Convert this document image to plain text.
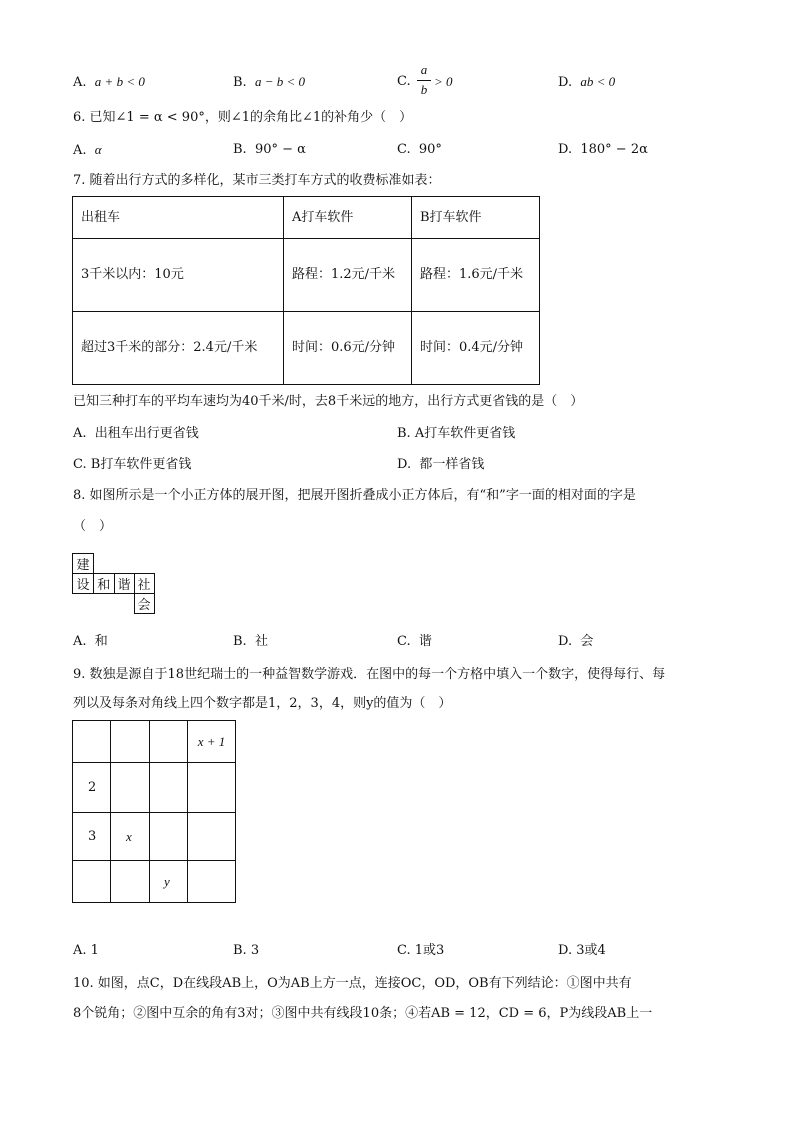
A. a + b < 0	B. a − b < 0	C.
a
b
> 0	D. ab < 0
6. 已知∠1 = α < 90°，则∠1的余角比∠1的补角少（　）
A. α	B. 90° − α	C. 90°	D. 180° − 2α
7. 随着出行方式的多样化，某市三类打车方式的收费标准如表：
出租车	A打车软件	B打车软件
3千米以内：10元	路程：1.2元/千米	路程：1.6元/千米
超过3千米的部分：2.4元/千米	时间：0.6元/分钟	时间：0.4元/分钟
已知三种打车的平均车速均为40千米/时，去8千米远的地方，出行方式更省钱的是（　）
A. 出租车出行更省钱	B. A打车软件更省钱
C. B打车软件更省钱	D. 都一样省钱
8. 如图所示是一个小正方体的展开图，把展开图折叠成小正方体后，有“和”字一面的相对面的字是
（　）
建			
设	和	谐	社
			会
A. 和	B. 社	C. 谐	D. 会
9. 数独是源自于18世纪瑞士的一种益智数学游戏．在图中的每一个方格中填入一个数字，使得每行、每
列以及每条对角线上四个数字都是1，2，3，4，则y的值为（　）
			x + 1
2			
3	x		
		y	
A. 1	B. 3	C. 1或3	D. 3或4
10. 如图，点C，D在线段AB上，O为AB上方一点，连接OC，OD，OB有下列结论：①图中共有
8个锐角；②图中互余的角有3对；③图中共有线段10条；④若AB = 12，CD = 6，P为线段AB上一
